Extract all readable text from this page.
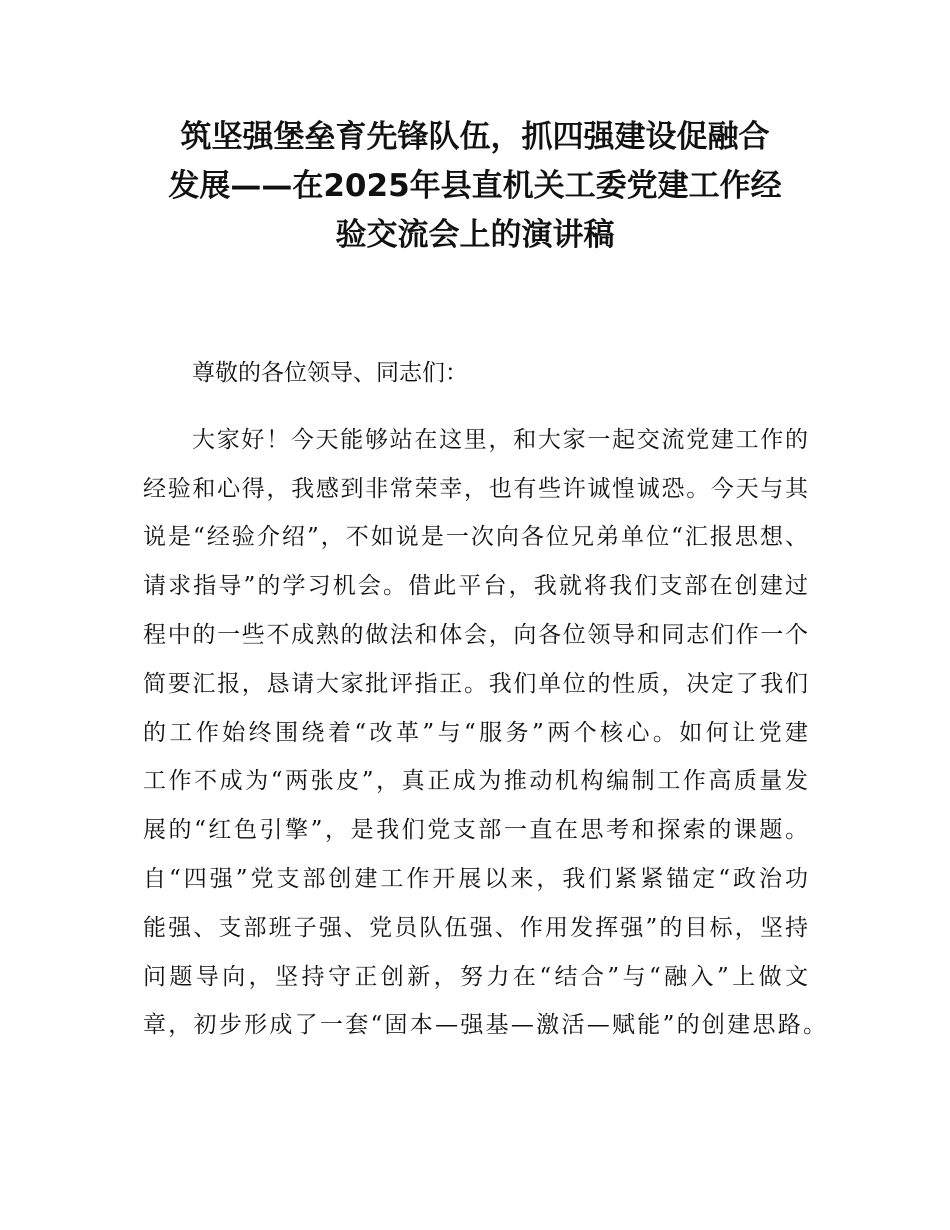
筑坚强堡垒育先锋队伍，抓四强建设促融合
发展——在2025年县直机关工委党建工作经
验交流会上的演讲稿
尊敬的各位领导、同志们：
大家好！今天能够站在这里，和大家一起交流党建工作的
经验和心得，我感到非常荣幸，也有些许诚惶诚恐。今天与其
说是“经验介绍”，不如说是一次向各位兄弟单位“汇报思想、
请求指导”的学习机会。借此平台，我就将我们支部在创建过
程中的一些不成熟的做法和体会，向各位领导和同志们作一个
简要汇报，恳请大家批评指正。我们单位的性质，决定了我们
的工作始终围绕着“改革”与“服务”两个核心。如何让党建
工作不成为“两张皮”，真正成为推动机构编制工作高质量发
展的“红色引擎”，是我们党支部一直在思考和探索的课题。
自“四强”党支部创建工作开展以来，我们紧紧锚定“政治功
能强、支部班子强、党员队伍强、作用发挥强”的目标，坚持
问题导向，坚持守正创新，努力在“结合”与“融入”上做文
章，初步形成了一套“固本—强基—激活—赋能”的创建思路。
